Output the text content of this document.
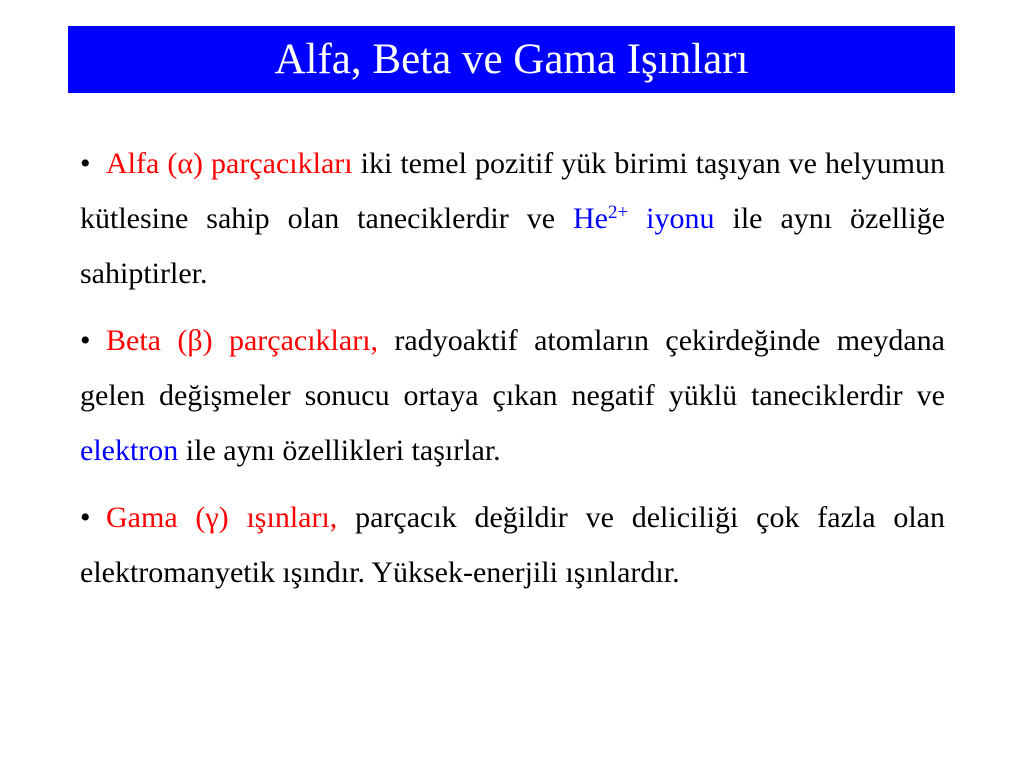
Alfa, Beta ve Gama Işınları

• Alfa (α) parçacıkları iki temel pozitif yük birimi taşıyan ve helyumun kütlesine sahip olan taneciklerdir ve $He^{2+}$ iyonu ile aynı özelliğe sahiptirler.

• Beta (β) parçacıkları, radyoaktif atomların çekirdeğinde meydana gelen değişmeler sonucu ortaya çıkan negatif yüklü taneciklerdir ve elektron ile aynı özellikleri taşırlar.

• Gama (γ) ışınları, parçacık değildir ve deliciliği çok fazla olan elektromanyetik ışındır. Yüksek-enerjili ışınlardır.
